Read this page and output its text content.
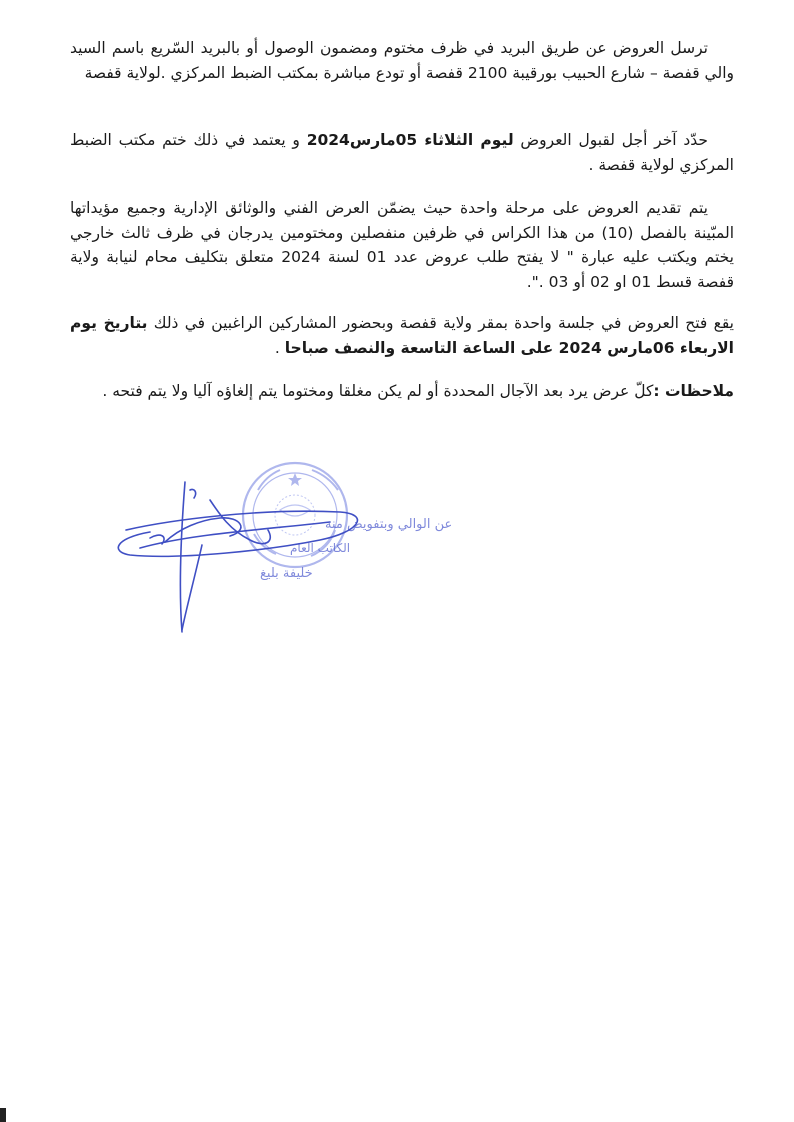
ترسل العروض عن طريق البريد في ظرف مختوم ومضمون الوصول أو بالبريد السّريع باسم السيد والي قفصة – شارع الحبيب بورقيبة 2100 قفصة أو تودع مباشرة بمكتب الضبط المركزي .لولاية قفصة

حدّد آخر أجل لقبول العروض ليوم الثلاثاء 05مارس2024 و يعتمد في ذلك ختم مكتب الضبط المركزي لولاية قفصة .

يتم تقديم العروض على مرحلة واحدة حيث يضمّن العرض الفني والوثائق الإدارية وجميع مؤيداتها المبّينة بالفصل (10) من هذا الكراس في ظرفين منفصلين ومختومين يدرجان في ظرف ثالث خارجي يختم ويكتب عليه عبارة " لا يفتح طلب عروض عدد 01 لسنة 2024 متعلق بتكليف محام لنيابة ولاية قفصة قسط 01 او 02 أو 03 .".

يقع فتح العروض في جلسة واحدة بمقر ولاية قفصة وبحضور المشاركين الراغبين في ذلك بتاريخ يوم الاربعاء 06مارس 2024 على الساعة التاسعة والنصف صباحا .

ملاحظات :كلّ عرض يرد بعد الآجال المحددة أو لم يكن مغلقا ومختوما يتم إلغاؤه آليا ولا يتم فتحه .

عن الوالي وبتفويض منه
الكاتب العام
خليفة بليغ
